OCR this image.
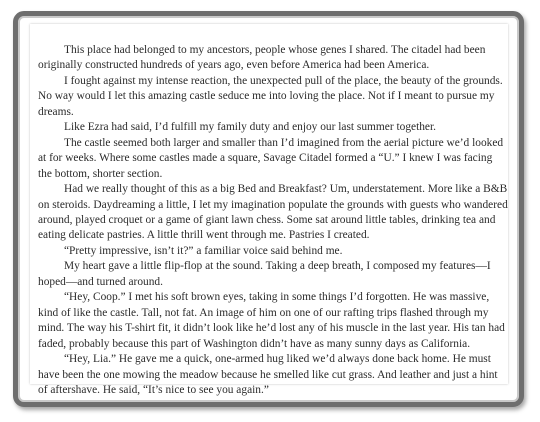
This place had belonged to my ancestors, people whose genes I shared. The citadel had been originally constructed hundreds of years ago, even before America had been America.

I fought against my intense reaction, the unexpected pull of the place, the beauty of the grounds. No way would I let this amazing castle seduce me into loving the place. Not if I meant to pursue my dreams.

Like Ezra had said, I’d fulfill my family duty and enjoy our last summer together.

The castle seemed both larger and smaller than I’d imagined from the aerial picture we’d looked at for weeks. Where some castles made a square, Savage Citadel formed a “U.” I knew I was facing the bottom, shorter section.

Had we really thought of this as a big Bed and Breakfast? Um, understatement. More like a B&B on steroids. Daydreaming a little, I let my imagination populate the grounds with guests who wandered around, played croquet or a game of giant lawn chess. Some sat around little tables, drinking tea and eating delicate pastries. A little thrill went through me. Pastries I created.

“Pretty impressive, isn’t it?” a familiar voice said behind me.

My heart gave a little flip-flop at the sound. Taking a deep breath, I composed my features—I hoped—and turned around.

“Hey, Coop.” I met his soft brown eyes, taking in some things I’d forgotten. He was massive, kind of like the castle. Tall, not fat. An image of him on one of our rafting trips flashed through my mind. The way his T-shirt fit, it didn’t look like he’d lost any of his muscle in the last year. His tan had faded, probably because this part of Washington didn’t have as many sunny days as California.

“Hey, Lia.” He gave me a quick, one-armed hug liked we’d always done back home. He must have been the one mowing the meadow because he smelled like cut grass. And leather and just a hint of aftershave. He said, “It’s nice to see you again.”
